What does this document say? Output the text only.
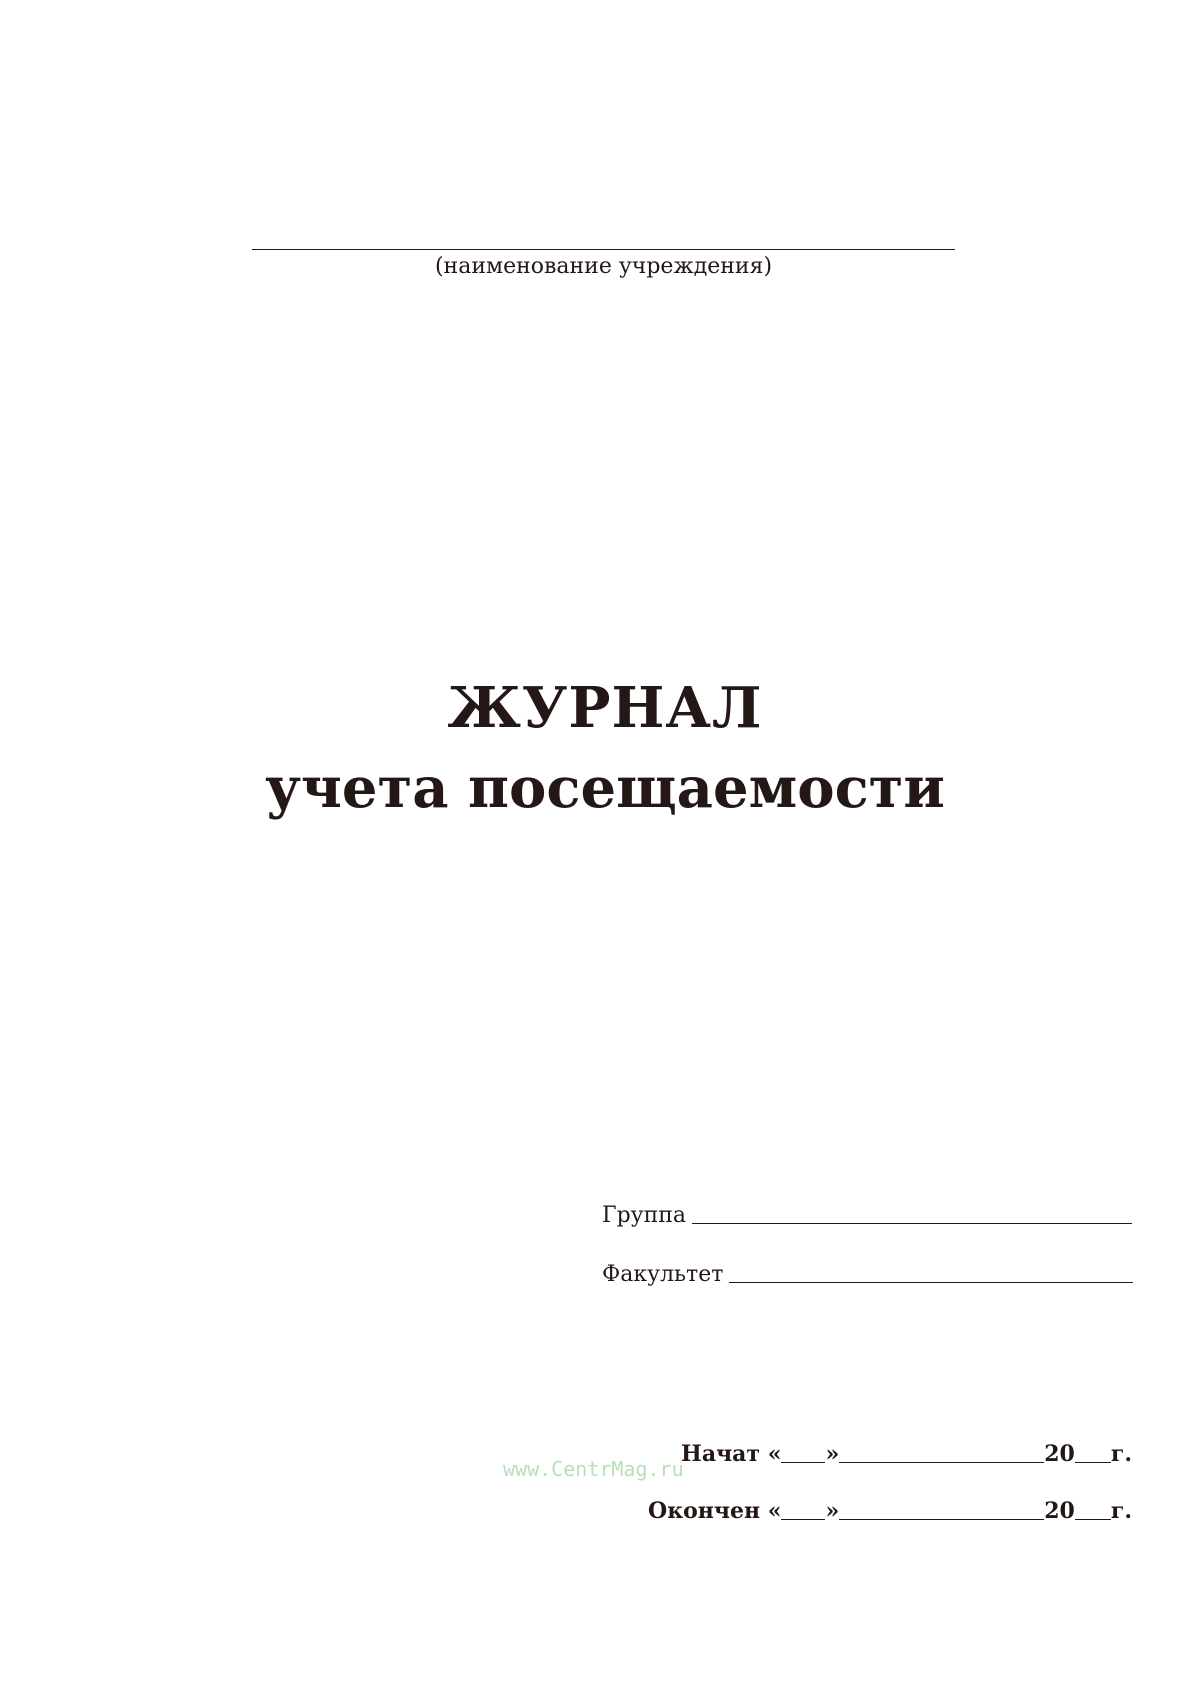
(наименование учреждения)
ЖУРНАЛ
учета посещаемости
Группа
Факультет
www.CentrMag.ru
Начат « »	20 г.
Окончен « »	20 г.
